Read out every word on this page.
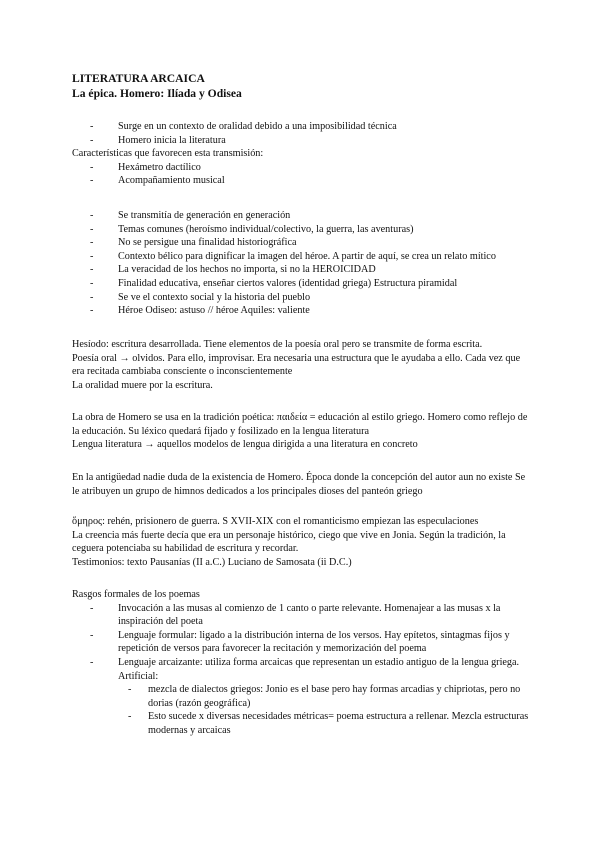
LITERATURA ARCAICA
La épica. Homero: Ilíada y Odisea
- Surge en un contexto de oralidad debido a una imposibilidad técnica
- Homero inicia la literatura

Características que favorecen esta transmisión:

- Hexámetro dactílico
- Acompañamiento musical
- Se transmitía de generación en generación
- Temas comunes (heroísmo individual/colectivo, la guerra, las aventuras)
- No se persigue una finalidad historiográfica
- Contexto bélico para dignificar la imagen del héroe. A partir de aquí, se crea un relato mítico
- La veracidad de los hechos no importa, si no la HEROICIDAD
- Finalidad educativa, enseñar ciertos valores (identidad griega) Estructura piramidal
- Se ve el contexto social y la historia del pueblo
- Héroe Odiseo: astuso // héroe Aquiles: valiente

Hesíodo: escritura desarrollada. Tiene elementos de la poesía oral pero se transmite de forma escrita.

Poesía oral → olvidos. Para ello, improvisar. Era necesaria una estructura que le ayudaba a ello. Cada vez que era recitada cambiaba consciente o inconscientemente

La oralidad muere por la escritura.

La obra de Homero se usa en la tradición poética: παιδεία = educación al estilo griego. Homero como reflejo de la educación. Su léxico quedará fijado y fosilizado en la lengua literatura

Lengua literatura → aquellos modelos de lengua dirigida a una literatura en concreto

En la antigüedad nadie duda de la existencia de Homero. Época donde la concepción del autor aun no existe Se le atribuyen un grupo de himnos dedicados a los principales dioses del panteón griego

ὅμηρος: rehén, prisionero de guerra. S XVII-XIX con el romanticismo empiezan las especulaciones

La creencia más fuerte decía que era un personaje histórico, ciego que vive en Jonia. Según la tradición, la ceguera potenciaba su habilidad de escritura y recordar.

Testimonios: texto Pausanías (II a.C.) Luciano de Samosata (ii D.C.)

Rasgos formales de los poemas

- Invocación a las musas al comienzo de 1 canto o parte relevante. Homenajear a las musas x la inspiración del poeta
- Lenguaje formular: ligado a la distribución interna de los versos. Hay epítetos, sintagmas fijos y repetición de versos para favorecer la recitación y memorización del poema
- Lenguaje arcaizante: utiliza forma arcaicas que representan un estadio antiguo de la lengua griega.

Artificial:

- mezcla de dialectos griegos: Jonio es el base pero hay formas arcadias y chipriotas, pero no dorias (razón geográfica)
- Esto sucede x diversas necesidades métricas= poema estructura a rellenar. Mezcla estructuras modernas y arcaicas
